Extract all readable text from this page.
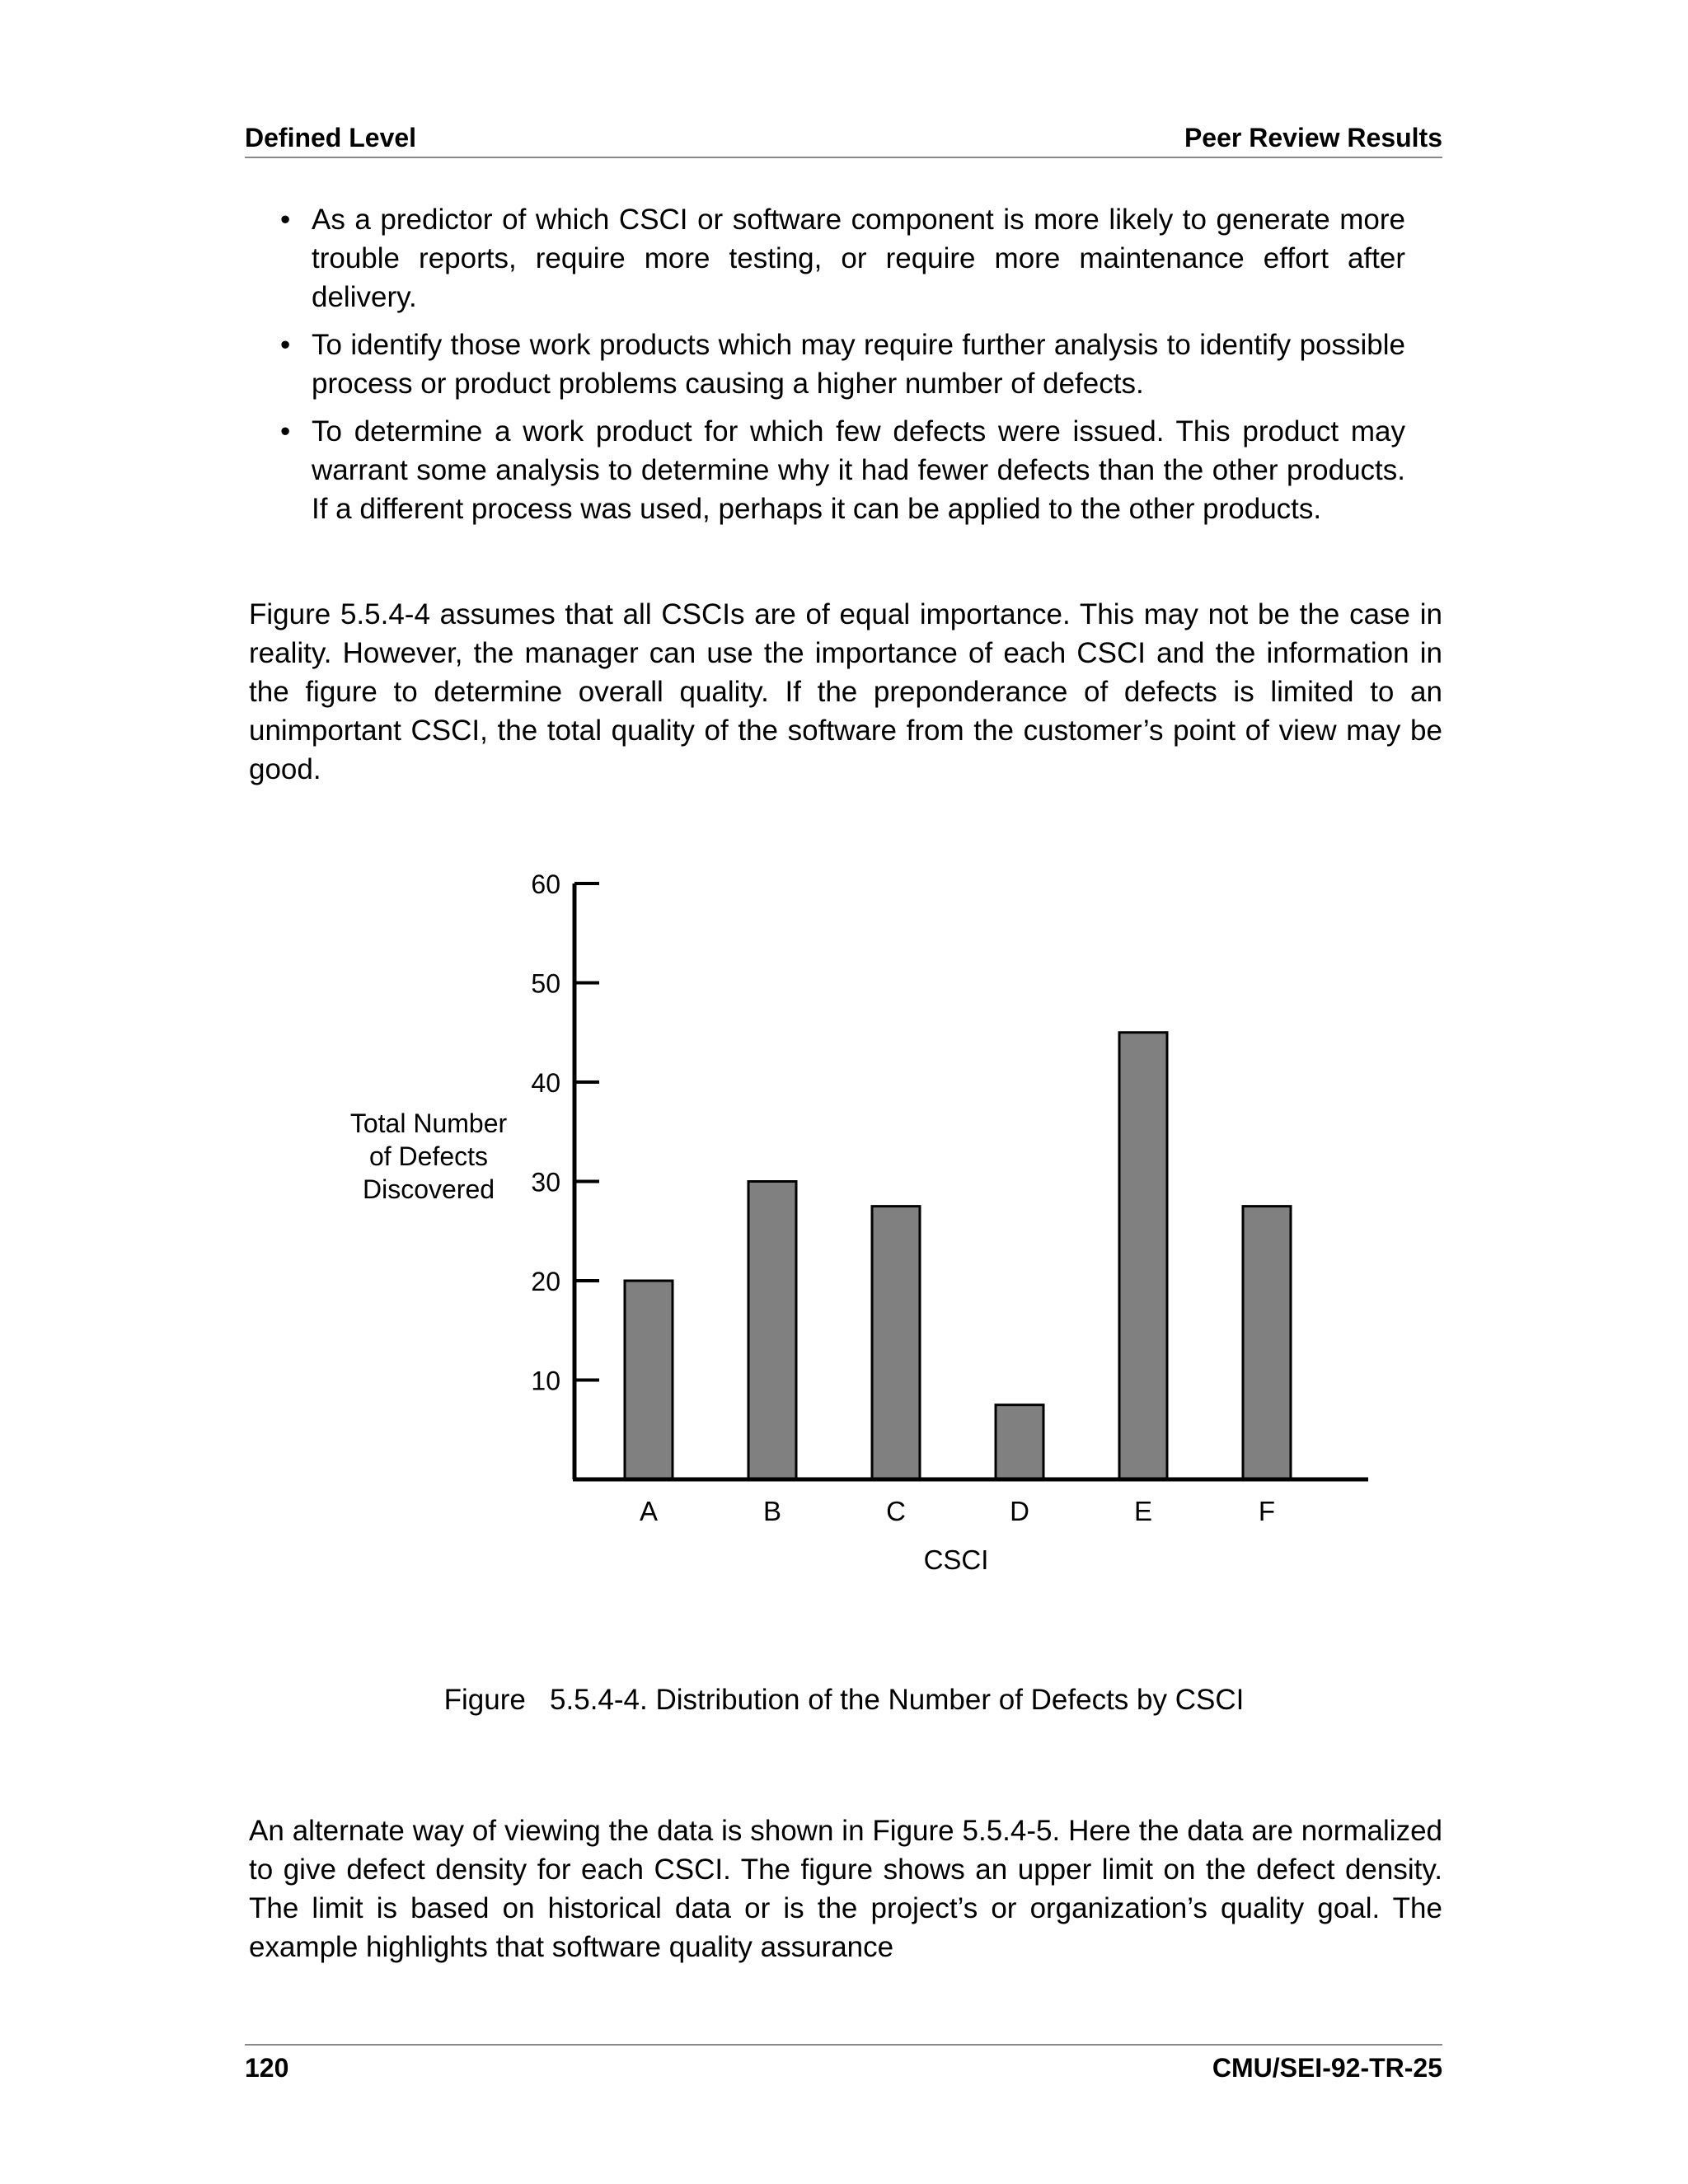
Defined Level	Peer Review Results
• As a predictor of which CSCI or software component is more likely to generate more trouble reports, require more testing, or require more maintenance effort after delivery.
• To identify those work products which may require further analysis to identify possible process or product problems causing a higher number of defects.
• To determine a work product for which few defects were issued. This product may warrant some analysis to determine why it had fewer defects than the other products. If a different process was used, perhaps it can be applied to the other products.

Figure 5.5.4-4 assumes that all CSCIs are of equal importance. This may not be the case in reality. However, the manager can use the importance of each CSCI and the information in the figure to determine overall quality. If the preponderance of defects is limited to an unimportant CSCI, the total quality of the software from the customer’s point of view may be good.

Total Number
of Defects
Discovered
10
20
30
40
50
60
A	B	C	D	E	F
CSCI
Figure   5.5.4-4. Distribution of the Number of Defects by CSCI

An alternate way of viewing the data is shown in Figure 5.5.4-5. Here the data are normalized to give defect density for each CSCI. The figure shows an upper limit on the defect density. The limit is based on historical data or is the project’s or organization’s quality goal. The example highlights that software quality assurance

120	CMU/SEI-92-TR-25
